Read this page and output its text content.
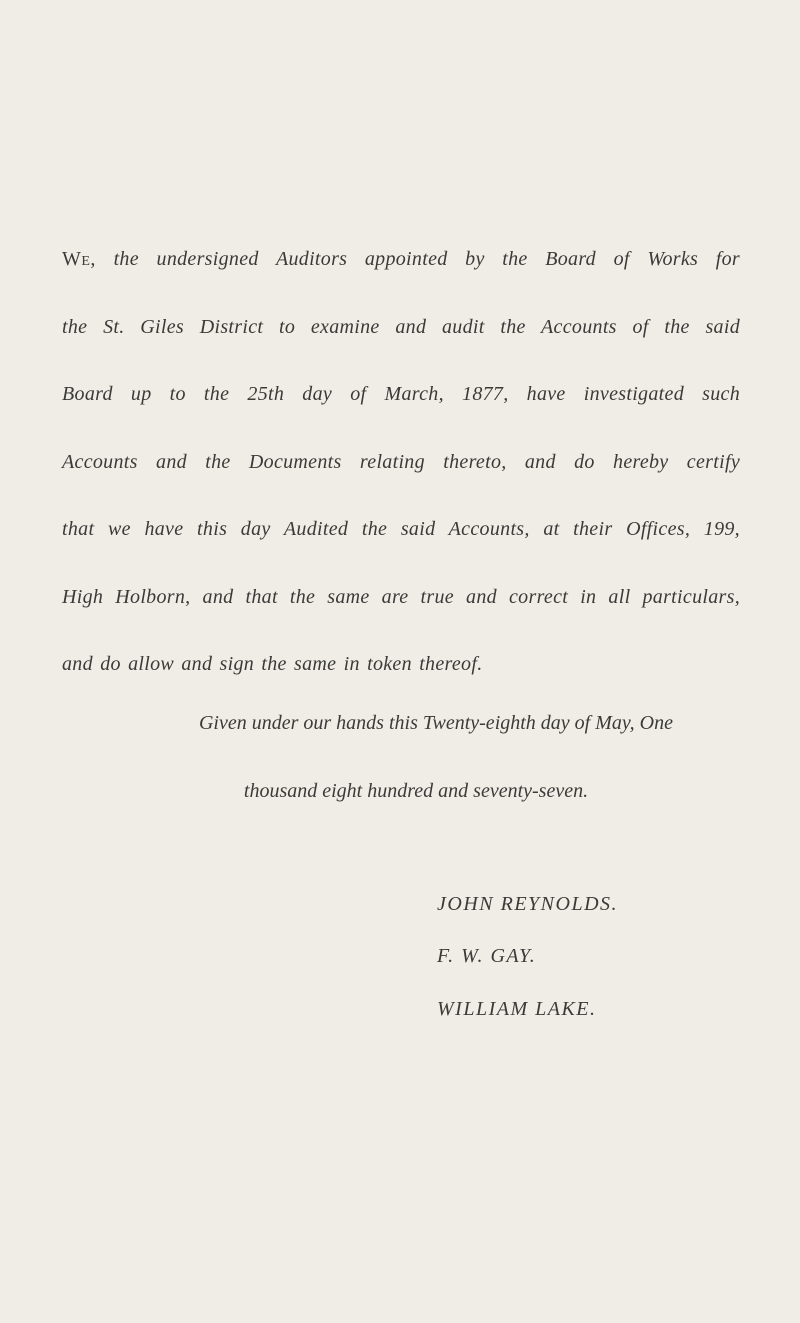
We, the undersigned Auditors appointed by the Board of Works for
the St. Giles District to examine and audit the Accounts of the said
Board up to the 25th day of March, 1877, have investigated such
Accounts and the Documents relating thereto, and do hereby certify
that we have this day Audited the said Accounts, at their Offices, 199,
High Holborn, and that the same are true and correct in all particulars,
and do allow and sign the same in token thereof.
Given under our hands this Twenty-eighth day of May, One
thousand eight hundred and seventy-seven.
JOHN REYNOLDS.
F. W. GAY.
WILLIAM LAKE.
